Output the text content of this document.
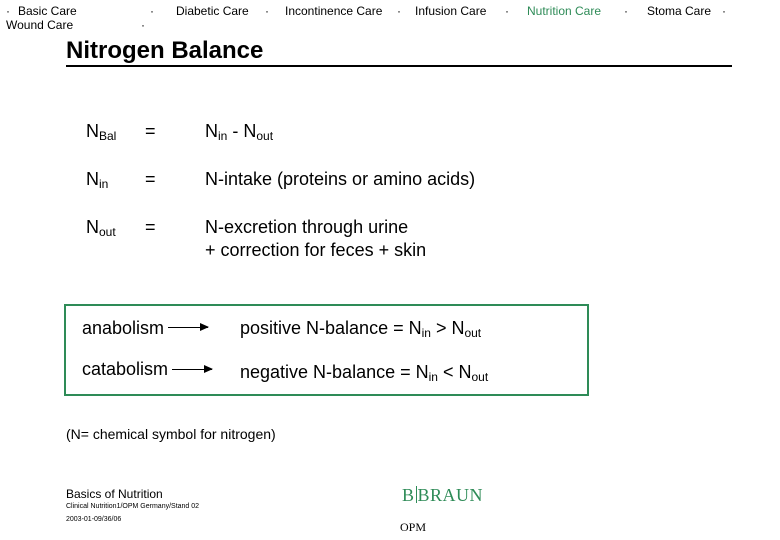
· Basic Care	· Diabetic Care · Incontinence Care · Infusion Care · Nutrition Care · Stoma Care ·
Wound Care	·
Nitrogen Balance
$N_{Bal}$ =	$N_{in} - N_{out}$
$N_{in}$ =	N-intake (proteins or amino acids)
$N_{out}$ =	N-excretion through urine
+ correction for feces + skin
anabolism	positive N-balance = $N_{in} > N_{out}$
catabolism	negative N-balance = $N_{in} < N_{out}$
(N= chemical symbol for nitrogen)
Basics of Nutrition
Clinical Nutrition1/OPM Germany/Stand 02
2003-01-09/36/06
B BRAUN
OPM
